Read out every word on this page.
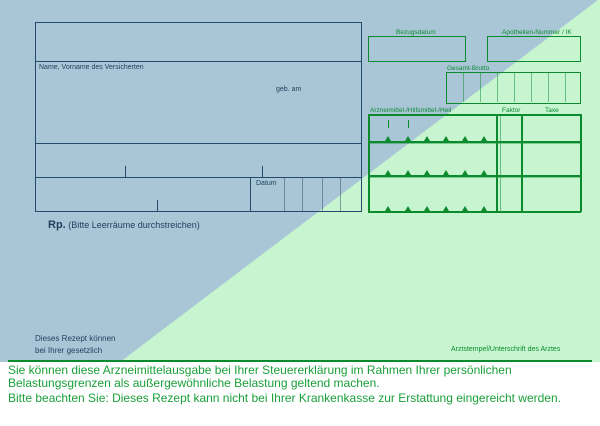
Name, Vorname des Versicherten
geb. am
Datum
Rp. (Bitte Leerräume durchstreichen)
Dieses Rezept können
bei Ihrer gesetzlich
Bezugsdatum	Apotheken-Nummer / IK
Gesamt-Brutto
Arzneimittel-/Hilfsmittel-/Heil	Faktor	Taxe
Arztstempel/Unterschrift des Arztes

Sie können diese Arzneimittelausgabe bei Ihrer Steuererklärung im Rahmen Ihrer persönlichen Belastungsgrenzen als außergewöhnliche Belastung geltend machen.

Bitte beachten Sie: Dieses Rezept kann nicht bei Ihrer Krankenkasse zur Erstattung eingereicht werden.
